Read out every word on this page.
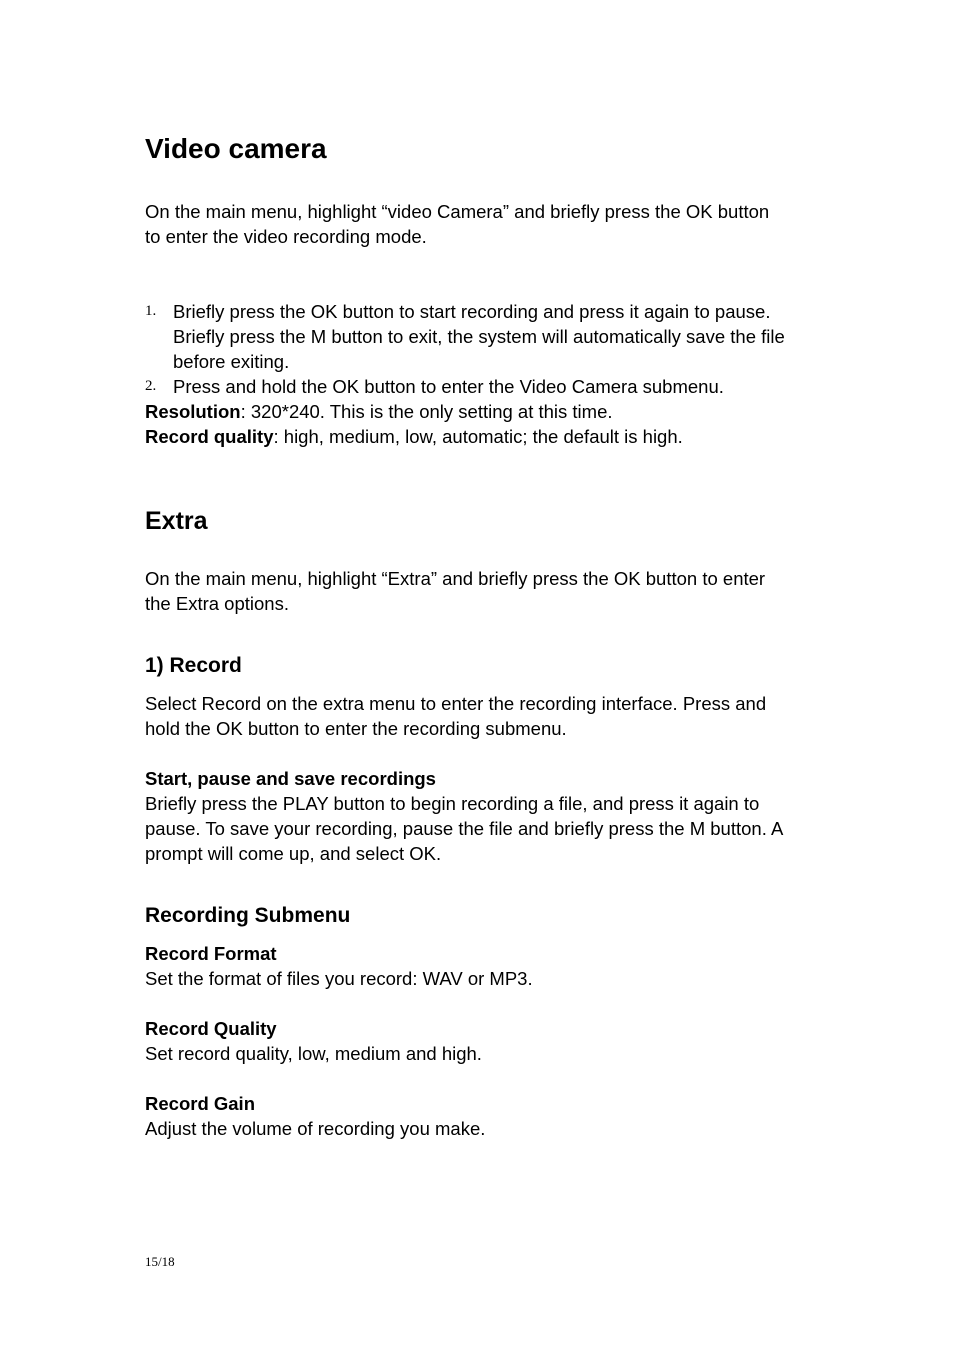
Video camera
On the main menu, highlight “video Camera” and briefly press the OK button
to enter the video recording mode.
1. Briefly press the OK button to start recording and press it again to pause.
Briefly press the M button to exit, the system will automatically save the file
before exiting.
2. Press and hold the OK button to enter the Video Camera submenu.
Resolution: 320*240. This is the only setting at this time.
Record quality: high, medium, low, automatic; the default is high.
Extra
On the main menu, highlight “Extra” and briefly press the OK button to enter
the Extra options.
1) Record
Select Record on the extra menu to enter the recording interface. Press and
hold the OK button to enter the recording submenu.
Start, pause and save recordings
Briefly press the PLAY button to begin recording a file, and press it again to
pause. To save your recording, pause the file and briefly press the M button. A
prompt will come up, and select OK.
Recording Submenu
Record Format
Set the format of files you record: WAV or MP3.
Record Quality
Set record quality, low, medium and high.
Record Gain
Adjust the volume of recording you make.
15/18
